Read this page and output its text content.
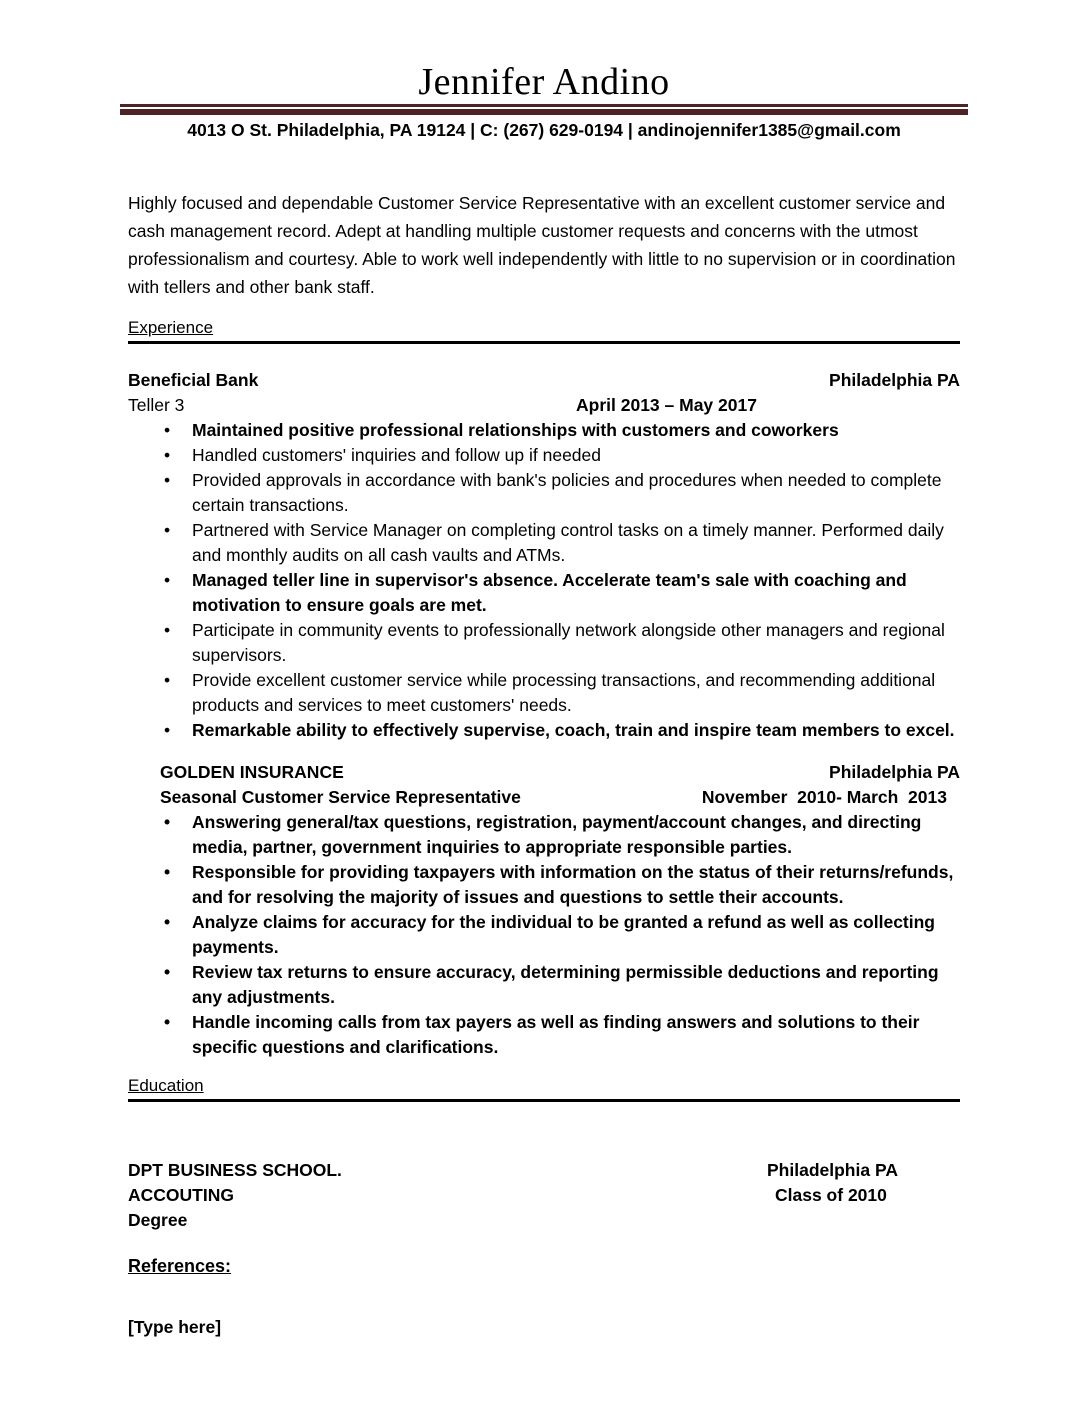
Jennifer Andino
4013 O St. Philadelphia, PA 19124 | C: (267) 629-0194 | andinojennifer1385@gmail.com
Highly focused and dependable Customer Service Representative with an excellent customer service and cash management record. Adept at handling multiple customer requests and concerns with the utmost professionalism and courtesy. Able to work well independently with little to no supervision or in coordination with tellers and other bank staff.
Experience
Beneficial Bank	Philadelphia PA
Teller 3	April 2013 – May 2017
• Maintained positive professional relationships with customers and coworkers
• Handled customers' inquiries and follow up if needed
• Provided approvals in accordance with bank's policies and procedures when needed to complete certain transactions.
• Partnered with Service Manager on completing control tasks on a timely manner. Performed daily and monthly audits on all cash vaults and ATMs.
• Managed teller line in supervisor's absence. Accelerate team's sale with coaching and motivation to ensure goals are met.
• Participate in community events to professionally network alongside other managers and regional supervisors.
• Provide excellent customer service while processing transactions, and recommending additional products and services to meet customers' needs.
• Remarkable ability to effectively supervise, coach, train and inspire team members to excel.
GOLDEN INSURANCE	Philadelphia PA
Seasonal Customer Service Representative	November  2010- March  2013
• Answering general/tax questions, registration, payment/account changes, and directing media, partner, government inquiries to appropriate responsible parties.
• Responsible for providing taxpayers with information on the status of their returns/refunds, and for resolving the majority of issues and questions to settle their accounts.
• Analyze claims for accuracy for the individual to be granted a refund as well as collecting payments.
• Review tax returns to ensure accuracy, determining permissible deductions and reporting any adjustments.
• Handle incoming calls from tax payers as well as finding answers and solutions to their specific questions and clarifications.
Education
DPT BUSINESS SCHOOL.	Philadelphia PA
ACCOUTING	Class of 2010
Degree
References:
[Type here]
